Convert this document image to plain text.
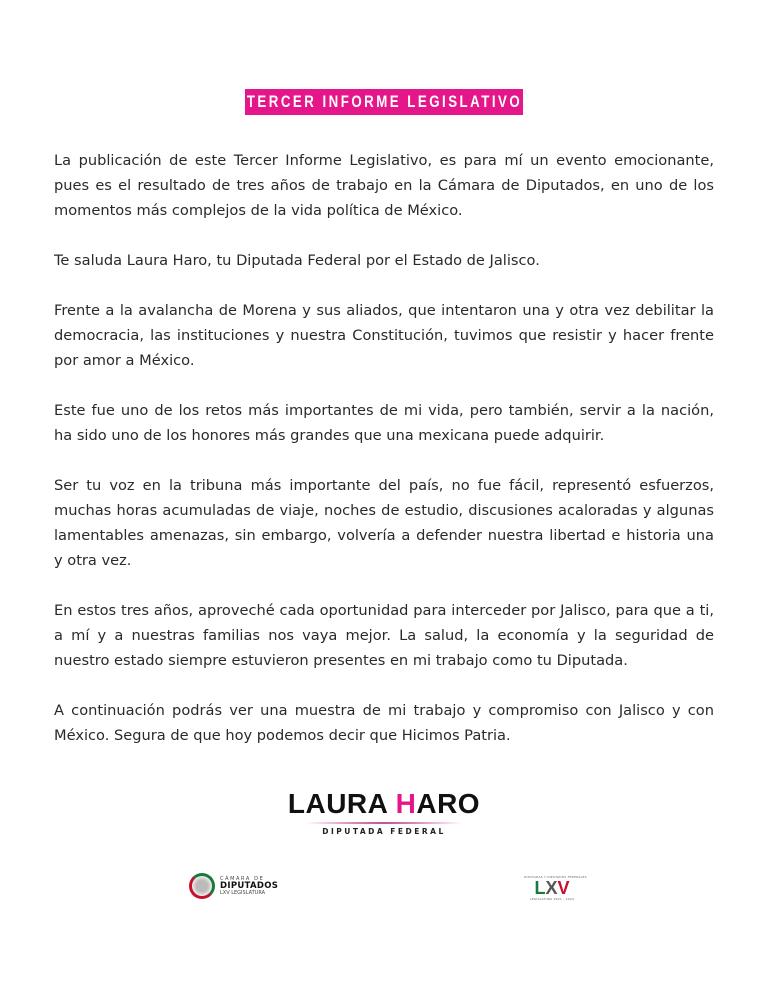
TERCER INFORME LEGISLATIVO

La publicación de este Tercer Informe Legislativo, es para mí un evento emocionante, pues es el resultado de tres años de trabajo en la Cámara de Diputados, en uno de los momentos más complejos de la vida política de México.

Te saluda Laura Haro, tu Diputada Federal por el Estado de Jalisco.

Frente a la avalancha de Morena y sus aliados, que intentaron una y otra vez debilitar la democracia, las instituciones y nuestra Constitución, tuvimos que resistir y hacer frente por amor a México.

Este fue uno de los retos más importantes de mi vida, pero también, servir a la nación, ha sido uno de los honores más grandes que una mexicana puede adquirir.

Ser tu voz en la tribuna más importante del país, no fue fácil, representó esfuerzos, muchas horas acumuladas de viaje, noches de estudio, discusiones acaloradas y algunas lamentables amenazas, sin embargo, volvería a defender nuestra libertad e historia una y otra vez.

En estos tres años, aproveché cada oportunidad para interceder por Jalisco, para que a ti, a mí y a nuestras familias nos vaya mejor. La salud, la economía y la seguridad de nuestro estado siempre estuvieron presentes en mi trabajo como tu Diputada.

A continuación podrás ver una muestra de mi trabajo y compromiso con Jalisco y con México. Segura de que hoy podemos decir que Hicimos Patria.

LAURA HARO
DIPUTADA FEDERAL
CÁMARA DE
DIPUTADOS
LXV LEGISLATURA
DIPUTADAS Y DIPUTADOS FEDERALES
LXV
LEGISLATURA 2021 - 2024
